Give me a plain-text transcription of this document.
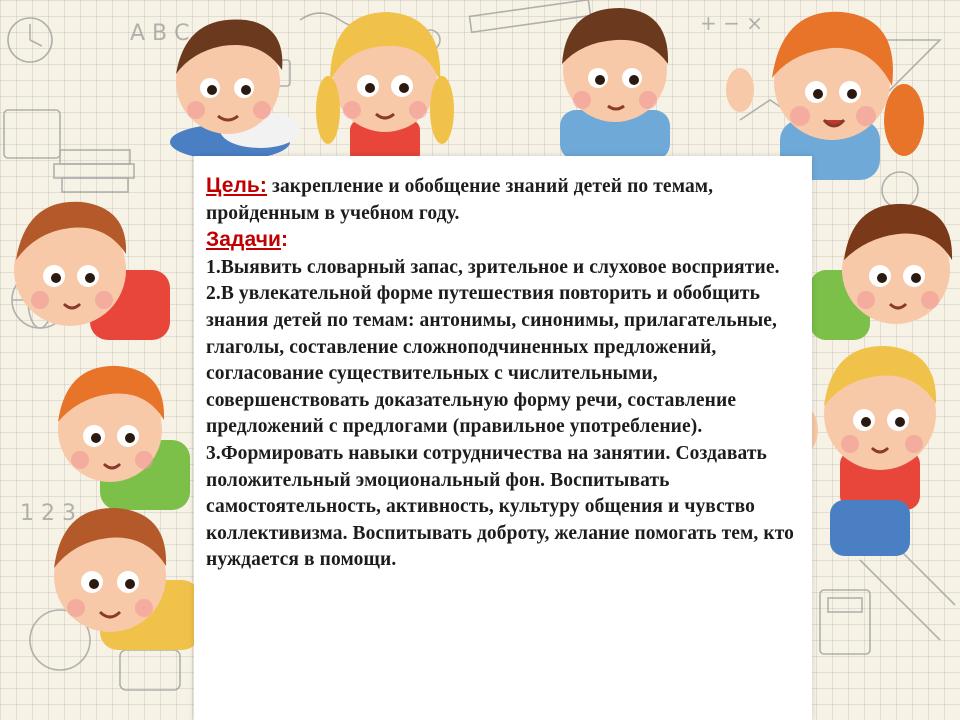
A B C	+ − ×
1 2 3

Цель: закрепление и обобщение знаний детей по темам, пройденным в учебном году.

Задачи:

1.Выявить словарный запас, зрительное и слуховое восприятие.

2.В увлекательной форме путешествия повторить и обобщить знания детей по темам: антонимы, синонимы, прилагательные, глаголы, составление сложноподчиненных предложений, согласование существительных с числительными, совершенствовать доказательную форму речи, составление предложений с предлогами (правильное употребление).

3.Формировать навыки сотрудничества на занятии. Создавать положительный эмоциональный фон. Воспитывать самостоятельность, активность, культуру общения и чувство коллективизма. Воспитывать доброту, желание помогать тем, кто нуждается в помощи.
